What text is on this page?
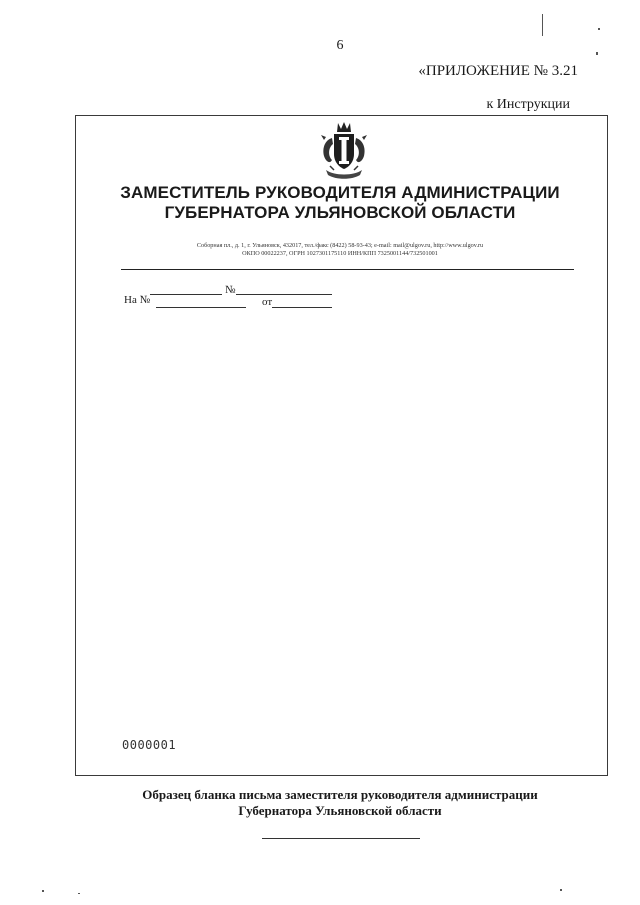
6
«ПРИЛОЖЕНИЕ № 3.21
к Инструкции
ЗАМЕСТИТЕЛЬ РУКОВОДИТЕЛЯ АДМИНИСТРАЦИИ
ГУБЕРНАТОРА УЛЬЯНОВСКОЙ ОБЛАСТИ
Соборная пл., д. 1, г. Ульяновск, 432017, тел./факс (8422) 58-93-43; e-mail: mail@ulgov.ru, http://www.ulgov.ru
ОКПО 00022237, ОГРН 1027301175110 ИНН/КПП 7325001144/732501001
№
На №	от
0000001
Образец бланка письма заместителя руководителя администрации
Губернатора Ульяновской области
